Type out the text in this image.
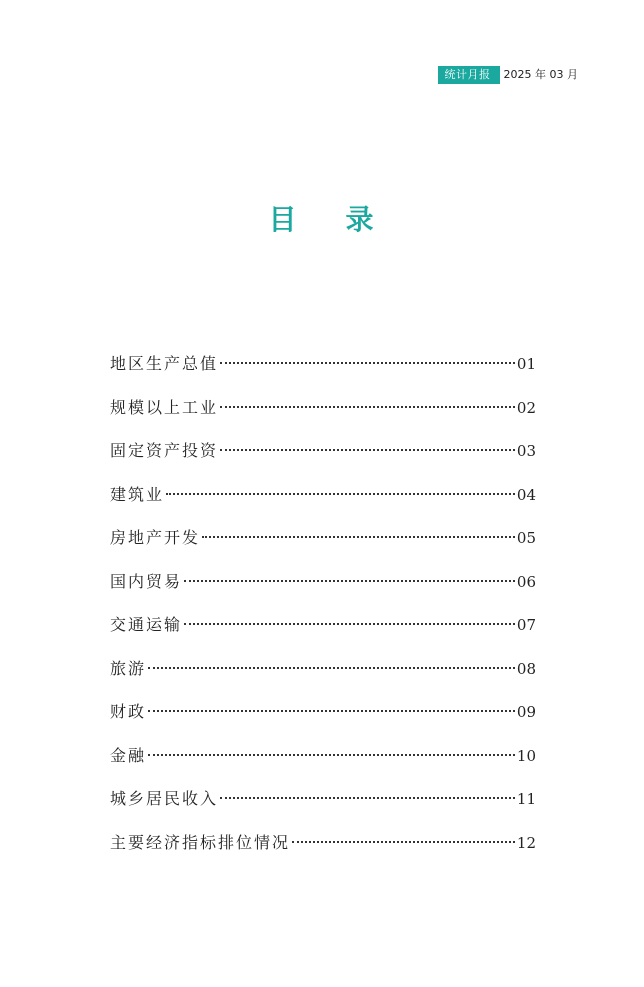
统计月报	2025 年 03 月
目    录
地区生产总值	01
规模以上工业	02
固定资产投资	03
建筑业	04
房地产开发	05
国内贸易	06
交通运输	07
旅游	08
财政	09
金融	10
城乡居民收入	11
主要经济指标排位情况	12
